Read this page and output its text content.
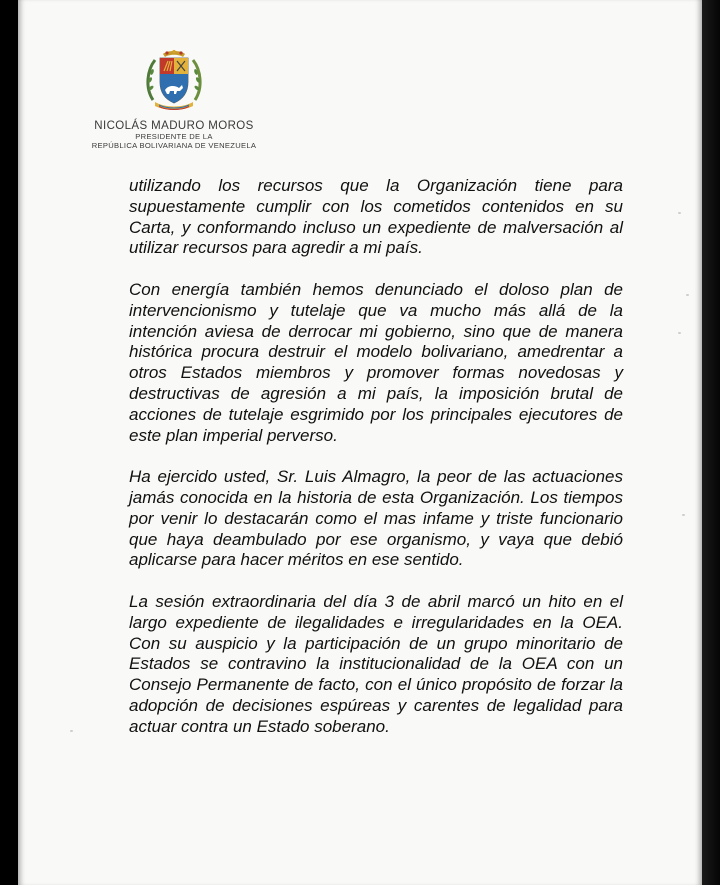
NICOLÁS MADURO MOROS
PRESIDENTE DE LA
REPÚBLICA BOLIVARIANA DE VENEZUELA

utilizando los recursos que la Organización tiene para supuestamente cumplir con los cometidos contenidos en su Carta, y conformando incluso un expediente de malversación al utilizar recursos para agredir a mi país.

Con energía también hemos denunciado el doloso plan de intervencionismo y tutelaje que va mucho más allá de la intención aviesa de derrocar mi gobierno, sino que de manera histórica procura destruir el modelo bolivariano, amedrentar a otros Estados miembros y promover formas novedosas y destructivas de agresión a mi país, la imposición brutal de acciones de tutelaje esgrimido por los principales ejecutores de este plan imperial perverso.

Ha ejercido usted, Sr. Luis Almagro, la peor de las actuaciones jamás conocida en la historia de esta Organización. Los tiempos por venir lo destacarán como el mas infame y triste funcionario que haya deambulado por ese organismo, y vaya que debió aplicarse para hacer méritos en ese sentido.

La sesión extraordinaria del día 3 de abril marcó un hito en el largo expediente de ilegalidades e irregularidades en la OEA. Con su auspicio y la participación de un grupo minoritario de Estados se contravino la institucionalidad de la OEA con un Consejo Permanente de facto, con el único propósito de forzar la adopción de decisiones espúreas y carentes de legalidad para actuar contra un Estado soberano.
